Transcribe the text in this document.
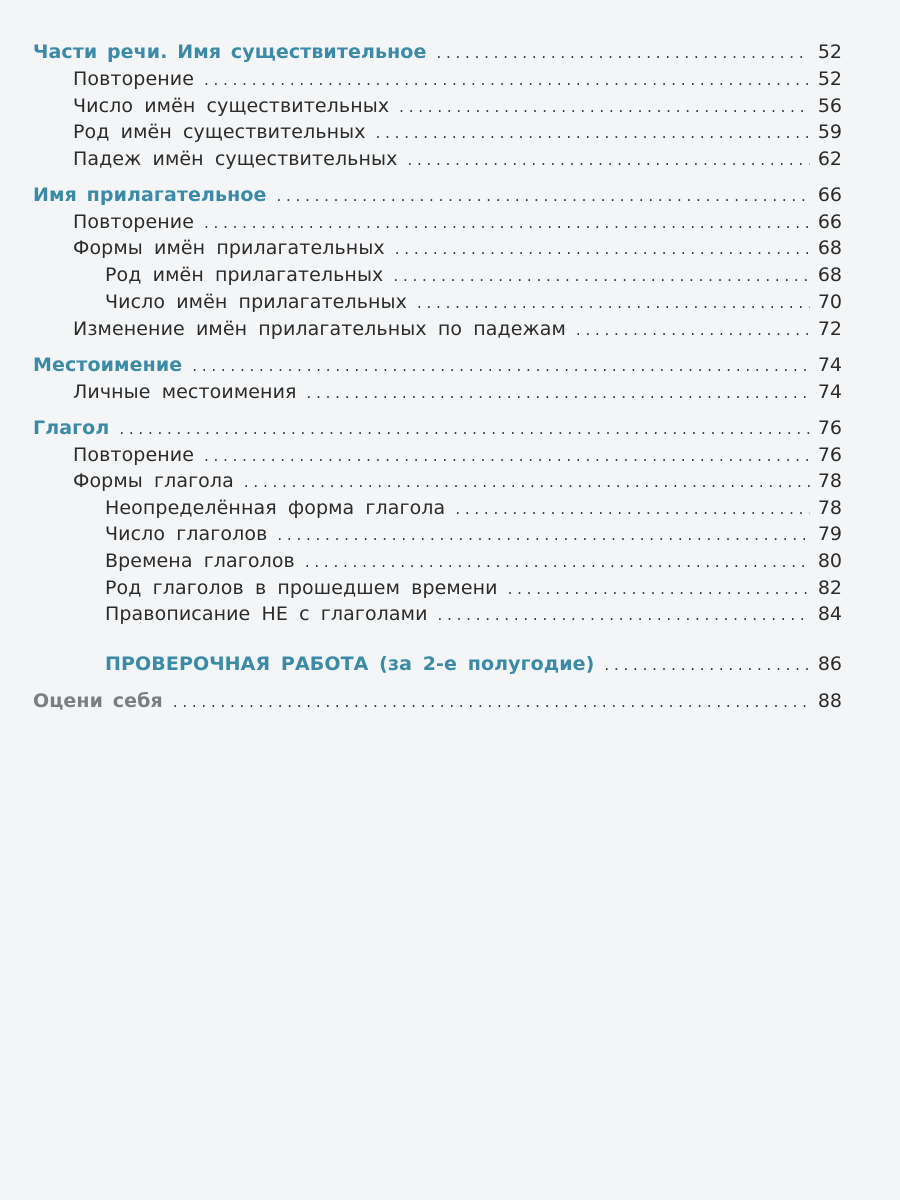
Части речи. Имя существительное . . .	52
Повторение . . .	52
Число имён существительных . . .	56
Род имён существительных . . .	59
Падеж имён существительных . . .	62
Имя прилагательное . . .	66
Повторение . . .	66
Формы имён прилагательных . . .	68
Род имён прилагательных . . .	68
Число имён прилагательных . . .	70
Изменение имён прилагательных по падежам . . .	72
Местоимение . . .	74
Личные местоимения . . .	74
Глагол . . .	76
Повторение . . .	76
Формы глагола . . .	78
Неопределённая форма глагола . . .	78
Число глаголов . . .	79
Времена глаголов . . .	80
Род глаголов в прошедшем времени . . .	82
Правописание НЕ с глаголами . . .	84
ПРОВЕРОЧНАЯ РАБОТА (за 2-е полугодие) . . .	86
Оцени себя . . .	88
